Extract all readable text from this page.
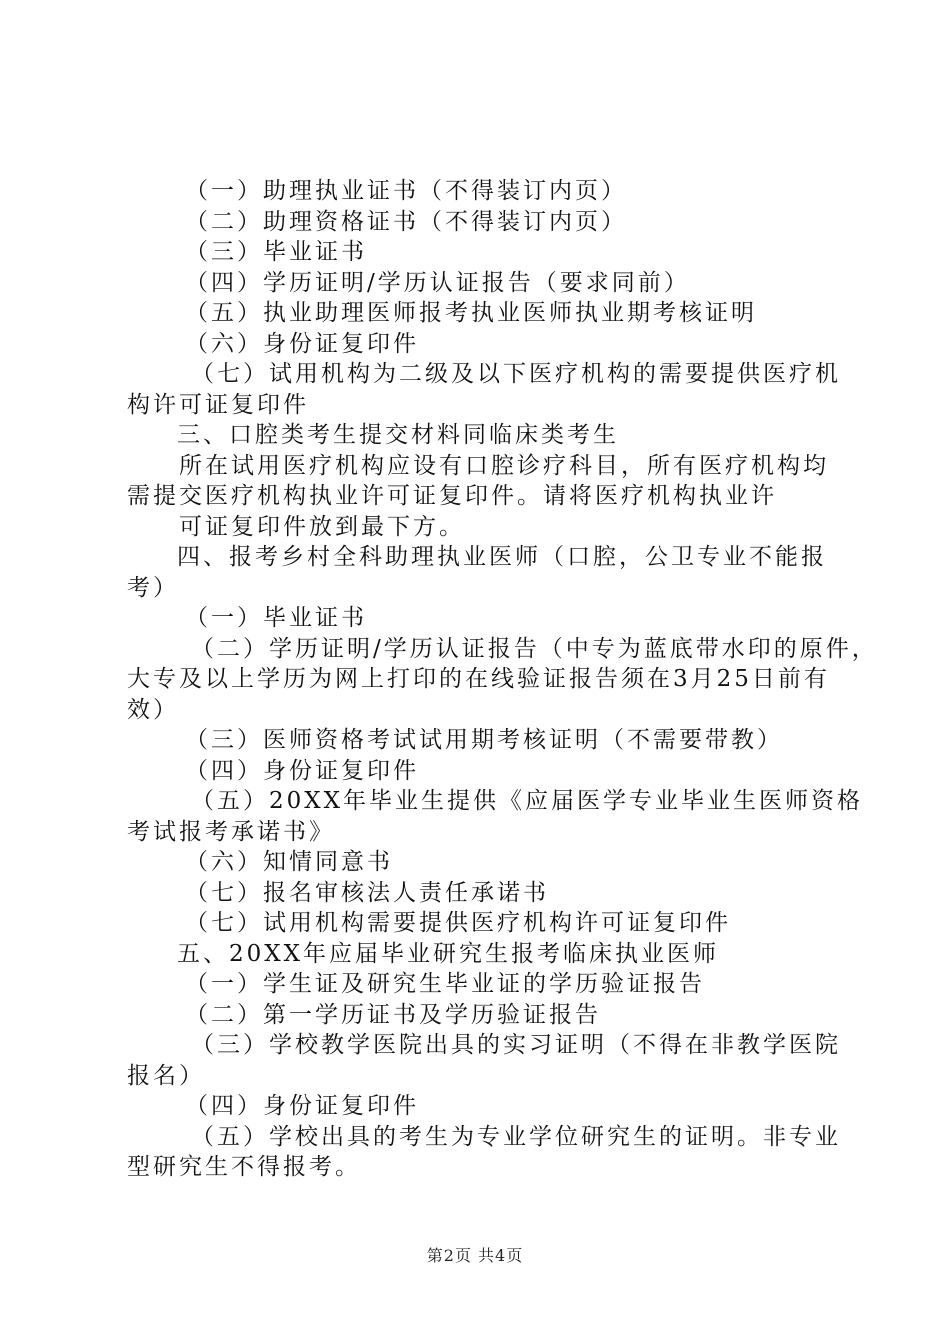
（一）助理执业证书（不得装订内页）
（二）助理资格证书（不得装订内页）
（三）毕业证书
（四）学历证明/学历认证报告（要求同前）
（五）执业助理医师报考执业医师执业期考核证明
（六）身份证复印件
（七）试用机构为二级及以下医疗机构的需要提供医疗机
构许可证复印件
三、口腔类考生提交材料同临床类考生
所在试用医疗机构应设有口腔诊疗科目，所有医疗机构均
需提交医疗机构执业许可证复印件。请将医疗机构执业许
可证复印件放到最下方。
四、报考乡村全科助理执业医师（口腔，公卫专业不能报
考）
（一）毕业证书
（二）学历证明/学历认证报告（中专为蓝底带水印的原件，
大专及以上学历为网上打印的在线验证报告须在3月25日前有
效）
（三）医师资格考试试用期考核证明（不需要带教）
（四）身份证复印件
（五）20XX年毕业生提供《应届医学专业毕业生医师资格
考试报考承诺书》
（六）知情同意书
（七）报名审核法人责任承诺书
（七）试用机构需要提供医疗机构许可证复印件
五、20XX年应届毕业研究生报考临床执业医师
（一）学生证及研究生毕业证的学历验证报告
（二）第一学历证书及学历验证报告
（三）学校教学医院出具的实习证明（不得在非教学医院
报名）
（四）身份证复印件
（五）学校出具的考生为专业学位研究生的证明。非专业
型研究生不得报考。
第2页 共4页
